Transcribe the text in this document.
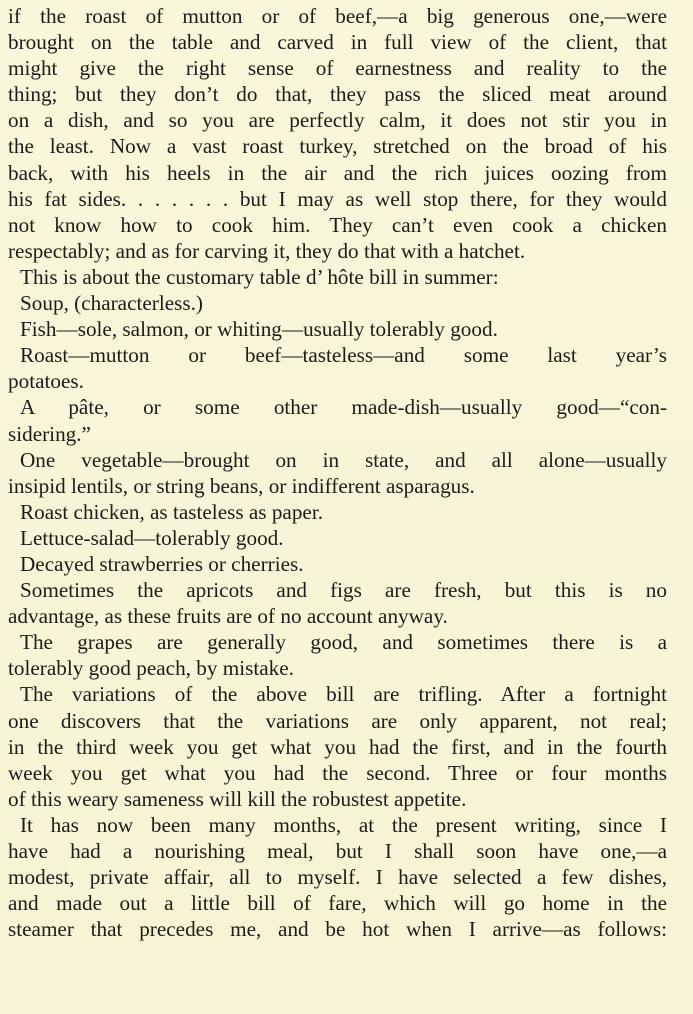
if the roast of mutton or of beef,—a big generous one,—were
brought on the table and carved in full view of the client, that
might give the right sense of earnestness and reality to the
thing; but they don’t do that, they pass the sliced meat around
on a dish, and so you are perfectly calm, it does not stir you in
the least. Now a vast roast turkey, stretched on the broad of his
back, with his heels in the air and the rich juices oozing from
his fat sides. . . . . . . but I may as well stop there, for they would
not know how to cook him. They can’t even cook a chicken
respectably; and as for carving it, they do that with a hatchet.
This is about the customary table d’ hôte bill in summer:
Soup, (characterless.)
Fish—sole, salmon, or whiting—usually tolerably good.
Roast—mutton or beef—tasteless—and some last year’s
potatoes.
A pâte, or some other made-dish—usually good—“con-
sidering.”
One vegetable—brought on in state, and all alone—usually
insipid lentils, or string beans, or indifferent asparagus.
Roast chicken, as tasteless as paper.
Lettuce-salad—tolerably good.
Decayed strawberries or cherries.
Sometimes the apricots and figs are fresh, but this is no
advantage, as these fruits are of no account anyway.
The grapes are generally good, and sometimes there is a
tolerably good peach, by mistake.
The variations of the above bill are trifling. After a fortnight
one discovers that the variations are only apparent, not real;
in the third week you get what you had the first, and in the fourth
week you get what you had the second. Three or four months
of this weary sameness will kill the robustest appetite.
It has now been many months, at the present writing, since I
have had a nourishing meal, but I shall soon have one,—a
modest, private affair, all to myself. I have selected a few dishes,
and made out a little bill of fare, which will go home in the
steamer that precedes me, and be hot when I arrive—as follows:
